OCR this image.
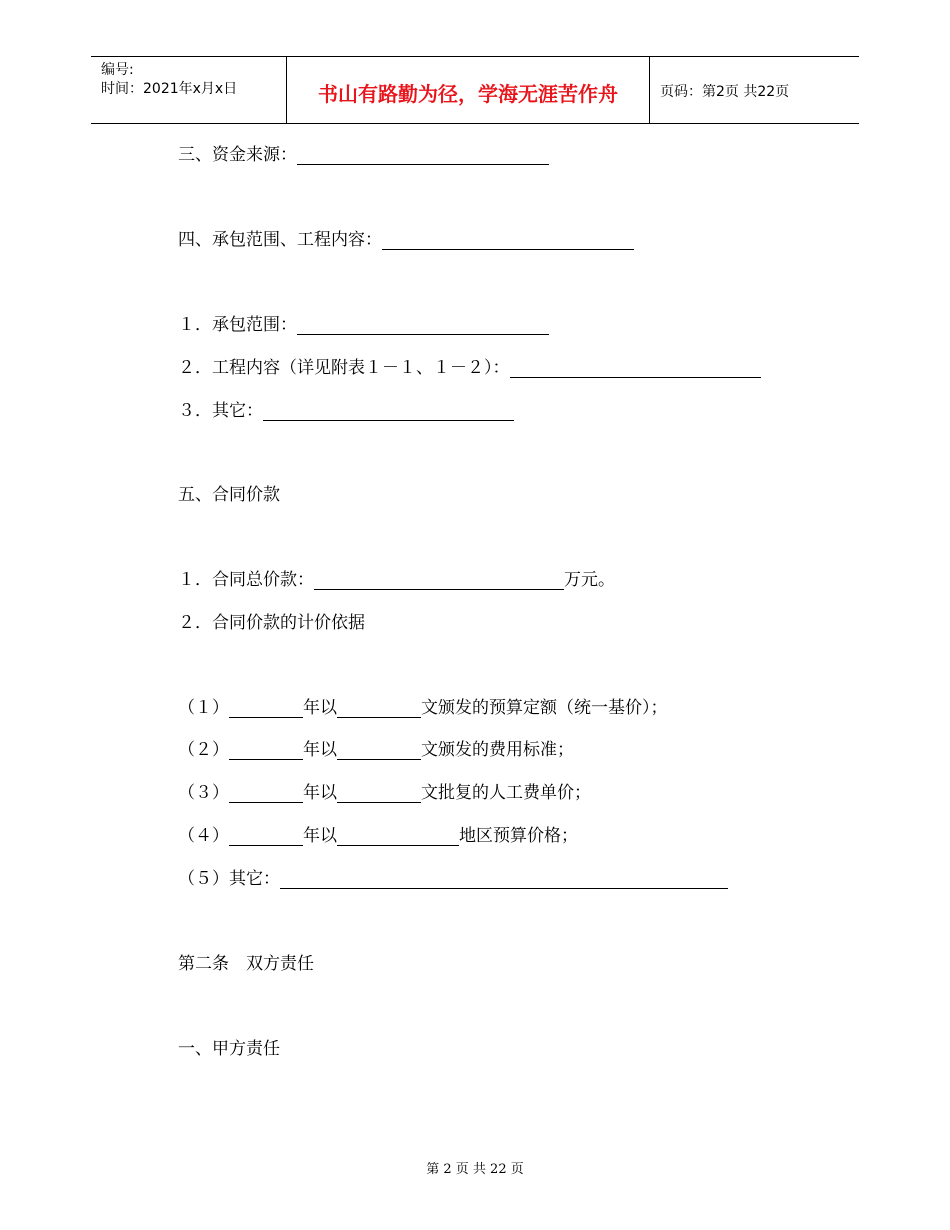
编号:
时间：2021年x月x日	书山有路勤为径，学海无涯苦作舟	页码：第2页 共22页
三、资金来源：
四、承包范围、工程内容：
１．承包范围：
２．工程内容（详见附表１－１、１－２）：
３．其它：
五、合同价款
１．合同总价款：	万元。
２．合同价款的计价依据
（１）	年以	文颁发的预算定额（统一基价）；
（２）	年以	文颁发的费用标准；
（３）	年以	文批复的人工费单价；
（４）	年以	地区预算价格；
（５）其它：
第二条　双方责任
一、甲方责任
第 2 页 共 22 页
